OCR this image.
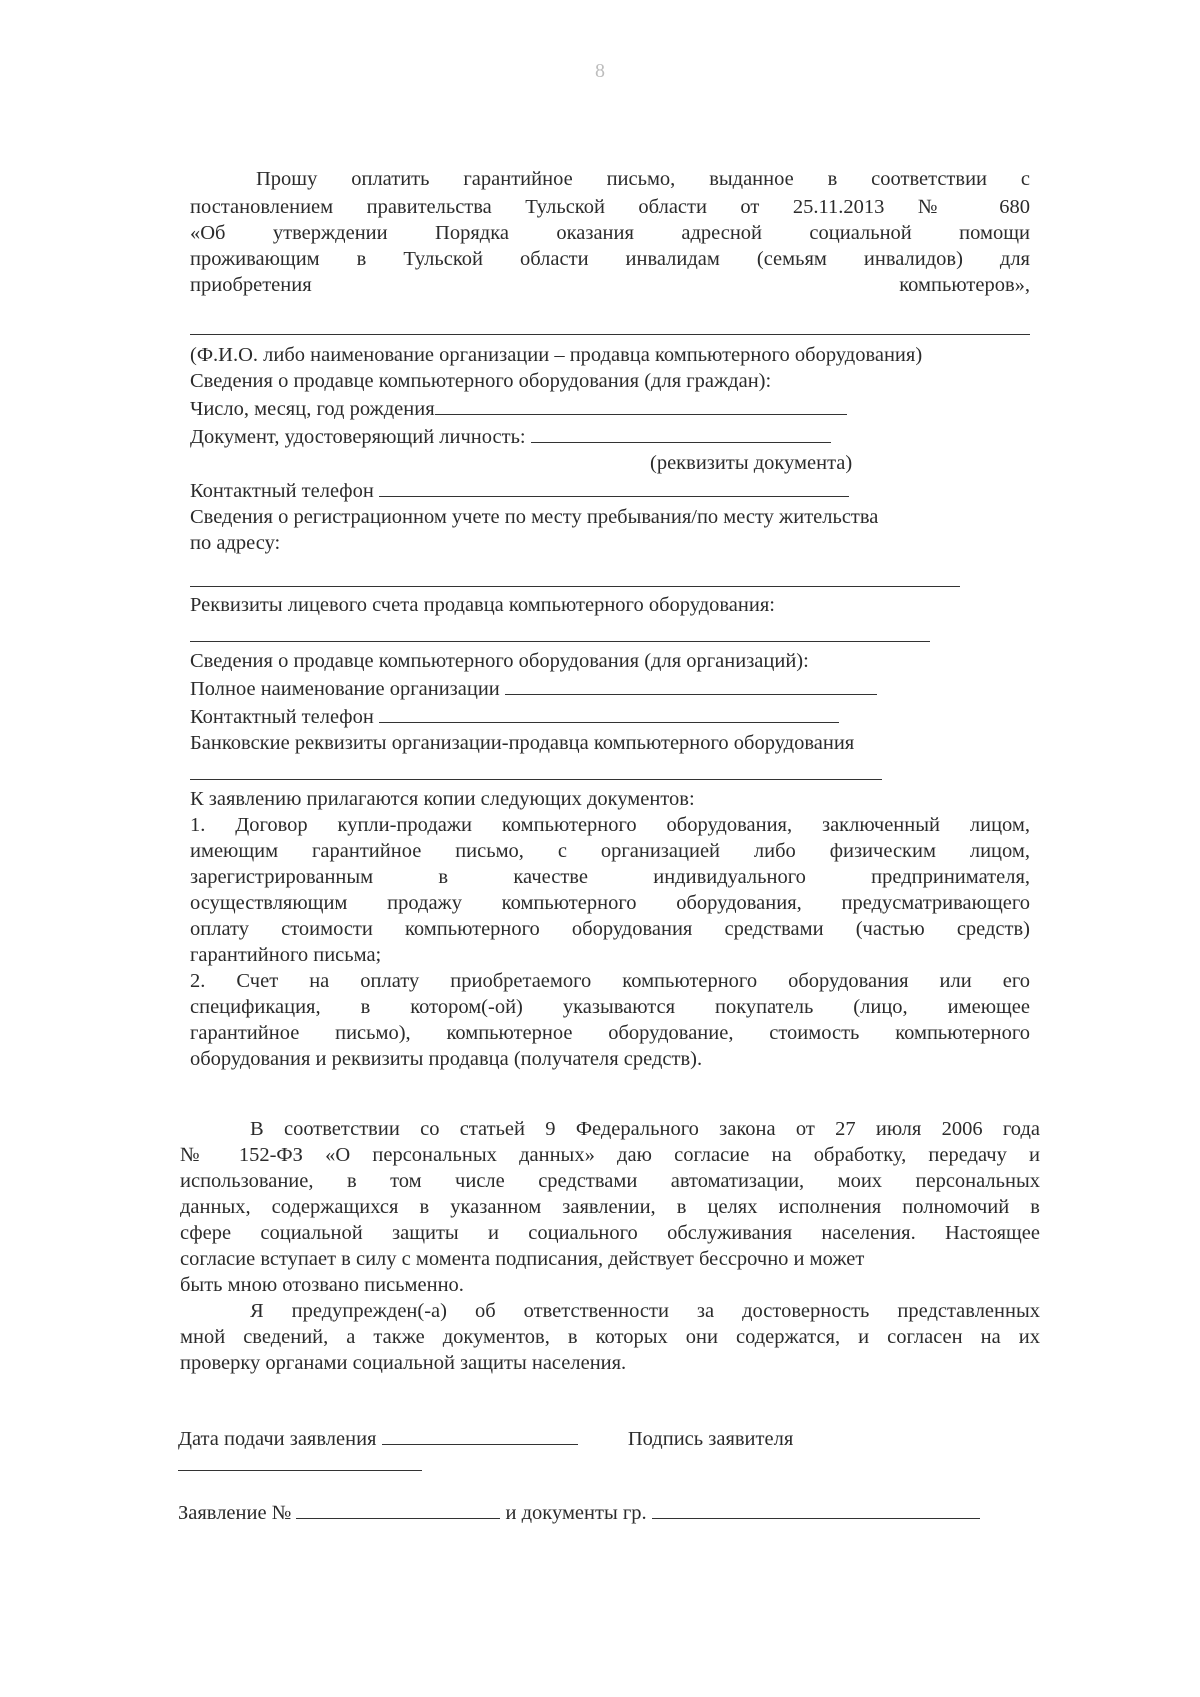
8
Прошу оплатить гарантийное письмо, выданное в соответствии с
постановлением правительства Тульской области от 25.11.2013 № 680
«Об утверждении Порядка оказания адресной социальной помощи
проживающим в Тульской области инвалидам (семьям инвалидов) для
приобретения	компьютеров»,
(Ф.И.О. либо наименование организации – продавца компьютерного оборудования)
Сведения о продавце компьютерного оборудования (для граждан):
Число, месяц, год рождения
Документ, удостоверяющий личность:
(реквизиты документа)
Контактный телефон
Сведения о регистрационном учете по месту пребывания/по месту жительства
по адресу:
Реквизиты лицевого счета продавца компьютерного оборудования:
Сведения о продавце компьютерного оборудования (для организаций):
Полное наименование организации
Контактный телефон
Банковские реквизиты организации-продавца компьютерного оборудования
К заявлению прилагаются копии следующих документов:
1. Договор купли-продажи компьютерного оборудования, заключенный лицом,
имеющим гарантийное письмо, с организацией либо физическим лицом,
зарегистрированным в качестве индивидуального предпринимателя,
осуществляющим продажу компьютерного оборудования, предусматривающего
оплату стоимости компьютерного оборудования средствами (частью средств)
гарантийного письма;
2. Счет на оплату приобретаемого компьютерного оборудования или его
спецификация, в котором(-ой) указываются покупатель (лицо, имеющее
гарантийное письмо), компьютерное оборудование, стоимость компьютерного
оборудования и реквизиты продавца (получателя средств).
В соответствии со статьей 9 Федерального закона от 27 июля 2006 года
№ 152-ФЗ «О персональных данных» даю согласие на обработку, передачу и
использование, в том числе средствами автоматизации, моих персональных
данных, содержащихся в указанном заявлении, в целях исполнения полномочий в
сфере социальной защиты и социального обслуживания населения. Настоящее
согласие вступает в силу с момента подписания, действует бессрочно и может
быть мною отозвано письменно.
Я предупрежден(-а) об ответственности за достоверность представленных
мной сведений, а также документов, в которых они содержатся, и согласен на их
проверку органами социальной защиты населения.
Дата подачи заявления	Подпись заявителя
Заявление №	и документы гр.
